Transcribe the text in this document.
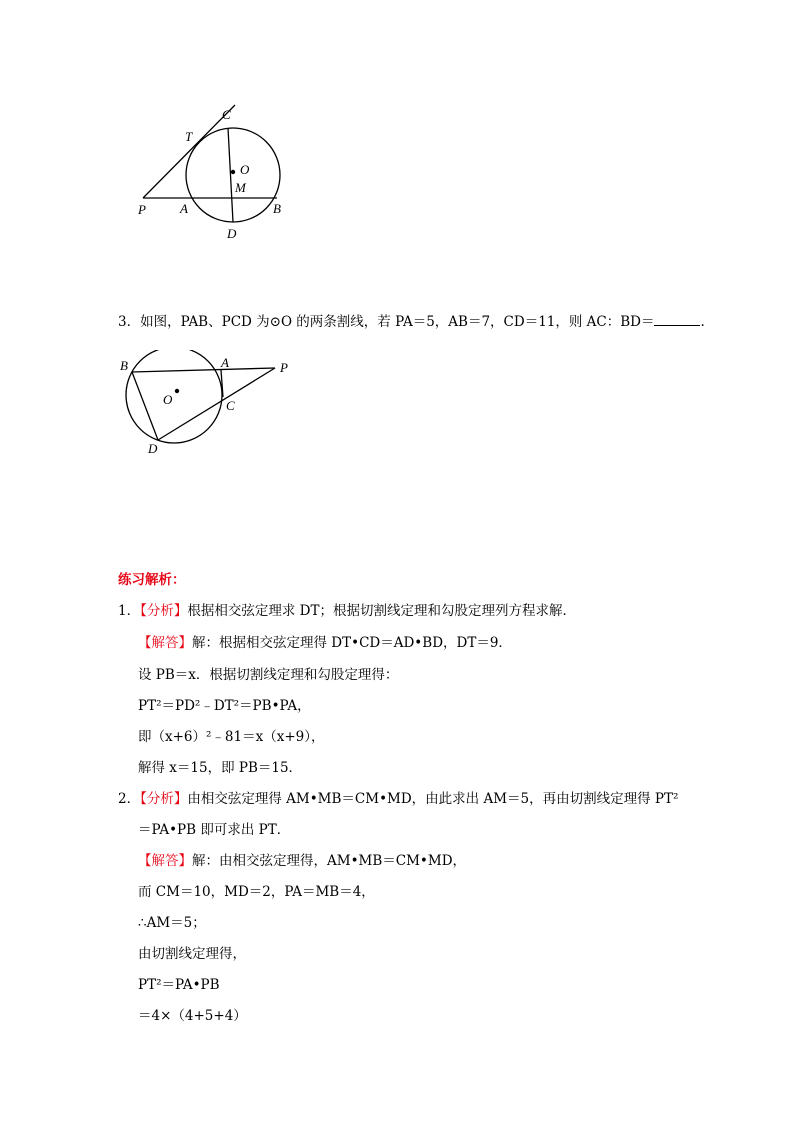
C
T
O
M
P	A	B
D
3．如图，PAB、PCD 为⊙O 的两条割线，若 PA＝5，AB＝7，CD＝11，则 AC：BD＝	.
B	A	P
O	C
D
练习解析：
1．【分析】根据相交弦定理求 DT；根据切割线定理和勾股定理列方程求解．
【解答】解：根据相交弦定理得 DT•CD＝AD•BD，DT＝9．
设 PB＝x．根据切割线定理和勾股定理得：
PT²＝PD²﹣DT²＝PB•PA，
即（x+6）²﹣81＝x（x+9），
解得 x＝15，即 PB＝15．
2．【分析】由相交弦定理得 AM•MB＝CM•MD，由此求出 AM＝5，再由切割线定理得 PT²
＝PA•PB 即可求出 PT．
【解答】解：由相交弦定理得，AM•MB＝CM•MD，
而 CM＝10，MD＝2，PA＝MB＝4，
∴AM＝5；
由切割线定理得，
PT²＝PA•PB
＝4×（4+5+4）
